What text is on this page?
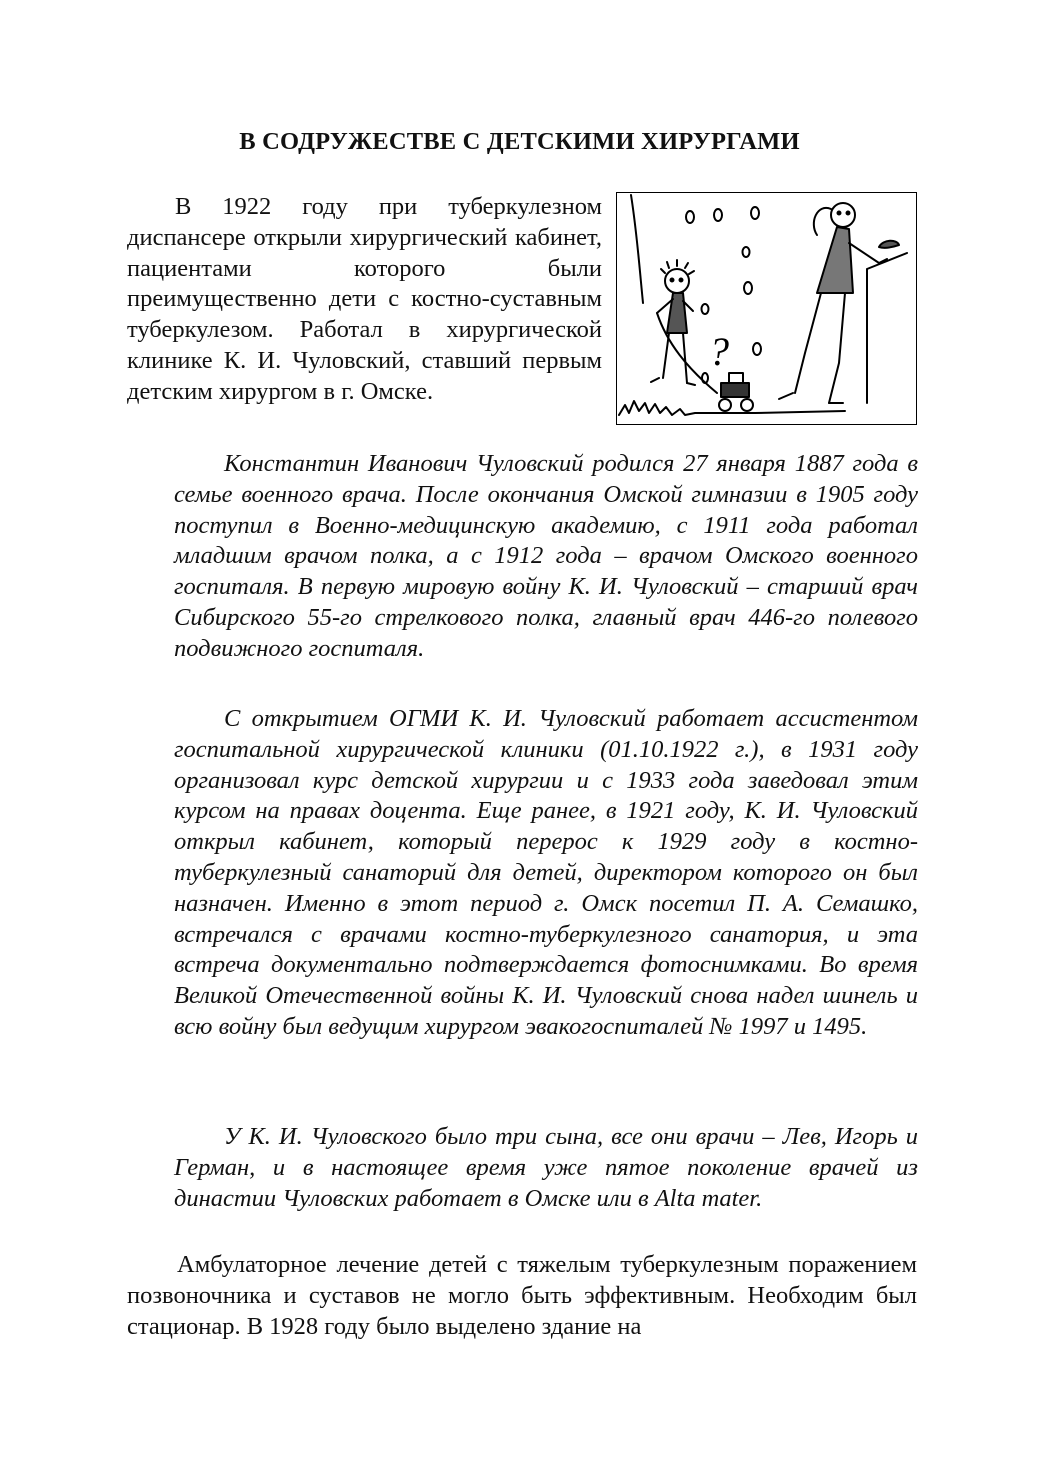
В СОДРУЖЕСТВЕ С ДЕТСКИМИ ХИРУРГАМИ
?

В 1922 году при туберкулезном диспансере открыли хирургический кабинет, пациентами которого были преимущественно дети с костно-суставным туберкулезом. Работал в хирургической клинике К. И. Чуловский, ставший первым детским хирургом в г. Омске.

Константин Иванович Чуловский родился 27 января 1887 года в семье военного врача. После окончания Омской гимназии в 1905 году поступил в Военно-медицинскую академию, с 1911 года работал младшим врачом полка, а с 1912 года – врачом Омского военного госпиталя. В первую мировую войну К. И. Чуловский – старший врач Сибирского 55-го стрелкового полка, главный врач 446-го полевого подвижного госпиталя.

С открытием ОГМИ К. И. Чуловский работает ассистентом госпитальной хирургической клиники (01.10.1922 г.), в 1931 году организовал курс детской хирургии и с 1933 года заведовал этим курсом на правах доцента. Еще ранее, в 1921 году, К. И. Чуловский открыл кабинет, который перерос к 1929 году в костно-туберкулезный санаторий для детей, директором которого он был назначен. Именно в этот период г. Омск посетил П. А. Семашко, встречался с врачами костно-туберкулезного санатория, и эта встреча документально подтверждается фотоснимками. Во время Великой Отечественной войны К. И. Чуловский снова надел шинель и всю войну был ведущим хирургом эвакогоспиталей № 1997 и 1495.

У К. И. Чуловского было три сына, все они врачи – Лев, Игорь и Герман, и в настоящее время уже пятое поколение врачей из династии Чуловских работает в Омске или в Alta mater.

Амбулаторное лечение детей с тяжелым туберкулезным поражением позвоночника и суставов не могло быть эффективным. Необходим был стационар. В 1928 году было выделено здание на
